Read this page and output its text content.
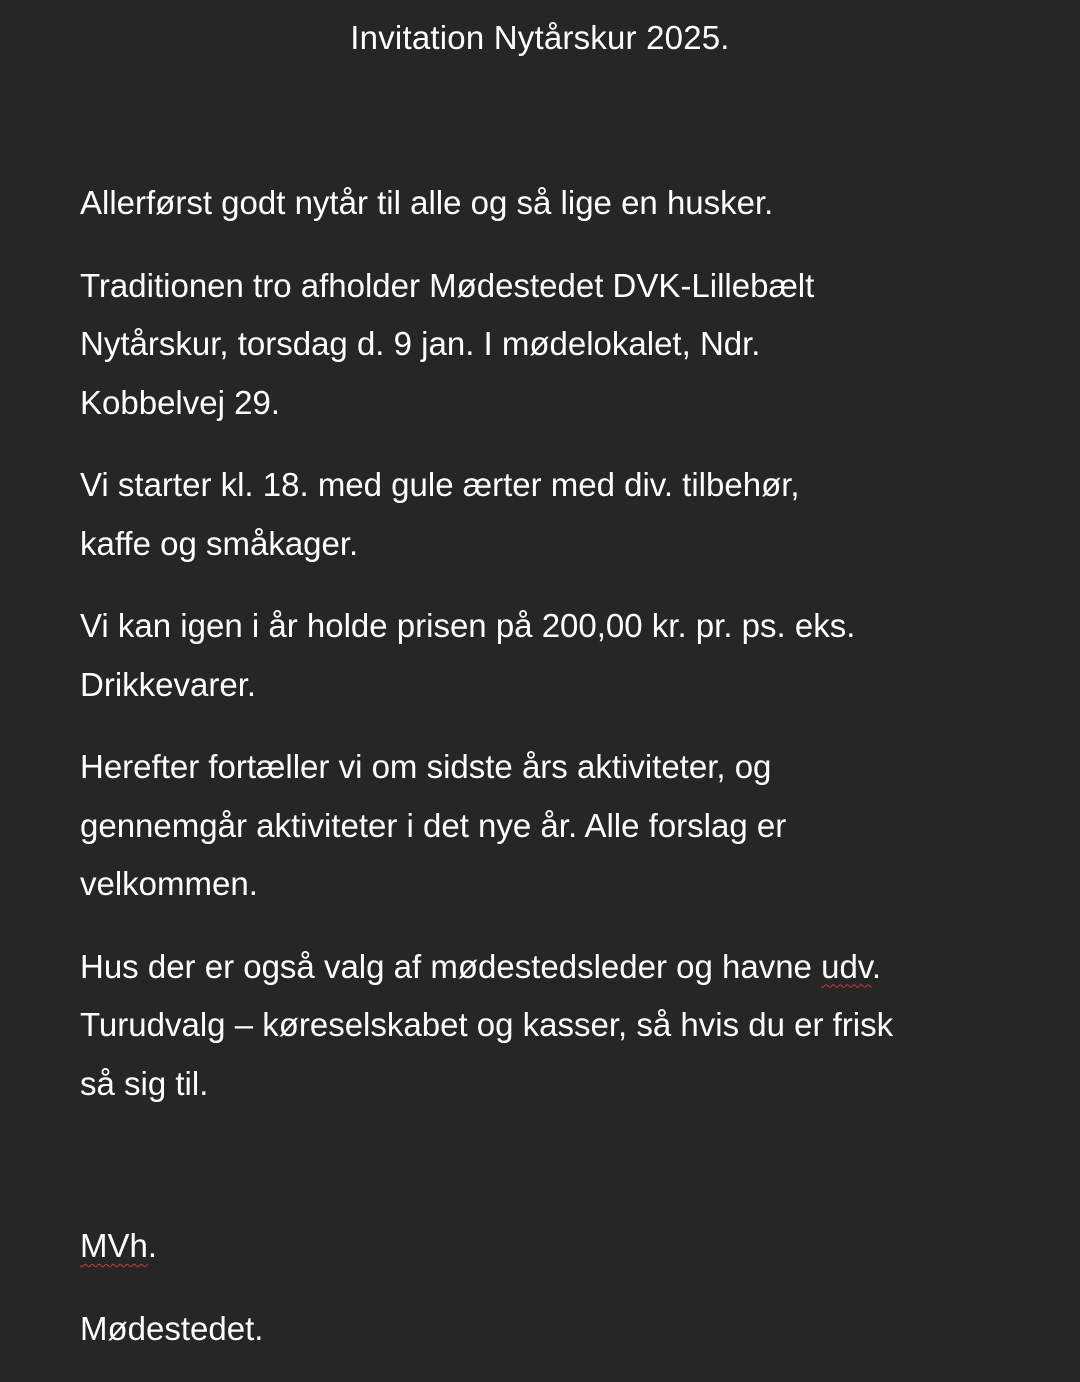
Invitation Nytårskur 2025.
Allerførst godt nytår til alle og så lige en husker.
Traditionen tro afholder Mødestedet DVK-Lillebælt
Nytårskur, torsdag d. 9 jan. I mødelokalet, Ndr.
Kobbelvej 29.
Vi starter kl. 18. med gule ærter med div. tilbehør,
kaffe og småkager.
Vi kan igen i år holde prisen på 200,00 kr. pr. ps. eks.
Drikkevarer.
Herefter fortæller vi om sidste års aktiviteter, og
gennemgår aktiviteter i det nye år. Alle forslag er
velkommen.
Hus der er også valg af mødestedsleder og havne udv.
Turudvalg – køreselskabet og kasser, så hvis du er frisk
så sig til.
MVh.
Mødestedet.
